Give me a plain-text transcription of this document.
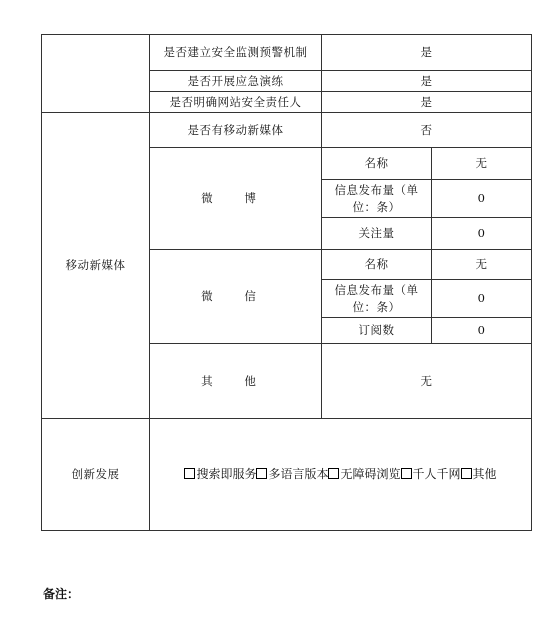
	是否建立安全监测预警机制	是	
	是否开展应急演练	是	
	是否明确网站安全责任人	是	
移动新媒体	是否有移动新媒体	否	
	微 博	名称	无
		信息发布量（单位：条）	0
		关注量	0
	微 信	名称	无
		信息发布量（单位：条）	0
		订阅数	0
	其 他	无	
创新发展	搜索即服务 多语言版本 无障碍浏览 千人千网 其他		
备注：
